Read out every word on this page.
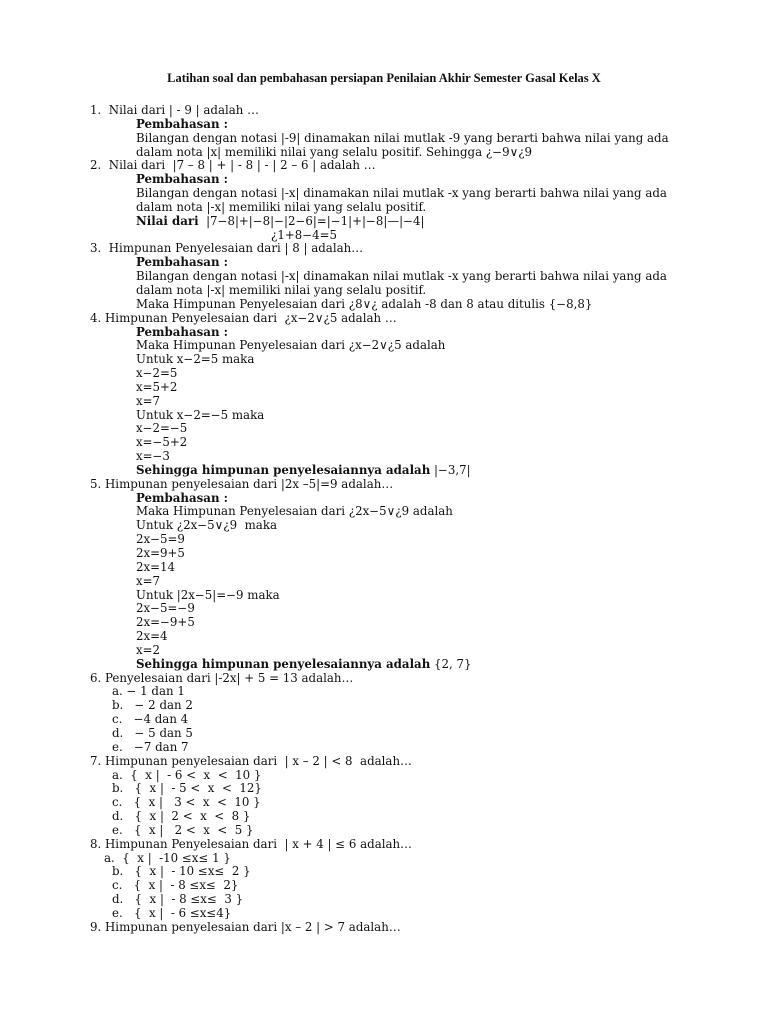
Latihan soal dan pembahasan persiapan Penilaian Akhir Semester Gasal Kelas X
1.  Nilai dari | - 9 | adalah …
Pembahasan :
Bilangan dengan notasi |-9| dinamakan nilai mutlak -9 yang berarti bahwa nilai yang ada
dalam nota |x| memiliki nilai yang selalu positif. Sehingga ¿−9∨¿9
2.  Nilai dari  |7 – 8 | + | - 8 | - | 2 – 6 | adalah …
Pembahasan :
Bilangan dengan notasi |-x| dinamakan nilai mutlak -x yang berarti bahwa nilai yang ada
dalam nota |-x| memiliki nilai yang selalu positif.
Nilai dari  |7−8|+|−8|−|2−6|=|−1|+|−8|—|−4|
¿1+8−4=5
3.  Himpunan Penyelesaian dari | 8 | adalah…
Pembahasan :
Bilangan dengan notasi |-x| dinamakan nilai mutlak -x yang berarti bahwa nilai yang ada
dalam nota |-x| memiliki nilai yang selalu positif.
Maka Himpunan Penyelesaian dari ¿8∨¿ adalah -8 dan 8 atau ditulis {−8,8}
4. Himpunan Penyelesaian dari  ¿x−2∨¿5 adalah …
Pembahasan :
Maka Himpunan Penyelesaian dari ¿x−2∨¿5 adalah
Untuk x−2=5 maka
x−2=5
x=5+2
x=7
Untuk x−2=−5 maka
x−2=−5
x=−5+2
x=−3
Sehingga himpunan penyelesaiannya adalah |−3,7|
5. Himpunan penyelesaian dari |2x –5|=9 adalah…
Pembahasan :
Maka Himpunan Penyelesaian dari ¿2x−5∨¿9 adalah
Untuk ¿2x−5∨¿9  maka
2x−5=9
2x=9+5
2x=14
x=7
Untuk |2x−5|=−9 maka
2x−5=−9
2x=−9+5
2x=4
x=2
Sehingga himpunan penyelesaiannya adalah {2, 7}
6. Penyelesaian dari |-2x| + 5 = 13 adalah…
a. − 1 dan 1
b.   − 2 dan 2
c.   −4 dan 4
d.   − 5 dan 5
e.   −7 dan 7
7. Himpunan penyelesaian dari  | x – 2 | < 8  adalah…
a.  {  x |  - 6 <  x  <  10 }
b.   {  x |  - 5 <  x  <  12}
c.   {  x |   3 <  x  <  10 }
d.   {  x |  2 <  x  <  8 }
e.   {  x |   2 <  x  <  5 }
8. Himpunan Penyelesaian dari  | x + 4 | ≤ 6 adalah…
a.  {  x |  -10 ≤x≤ 1 }
b.   {  x |  - 10 ≤x≤  2 }
c.   {  x |  - 8 ≤x≤  2}
d.   {  x |  - 8 ≤x≤  3 }
e.   {  x |  - 6 ≤x≤4}
9. Himpunan penyelesaian dari |x – 2 | > 7 adalah…
